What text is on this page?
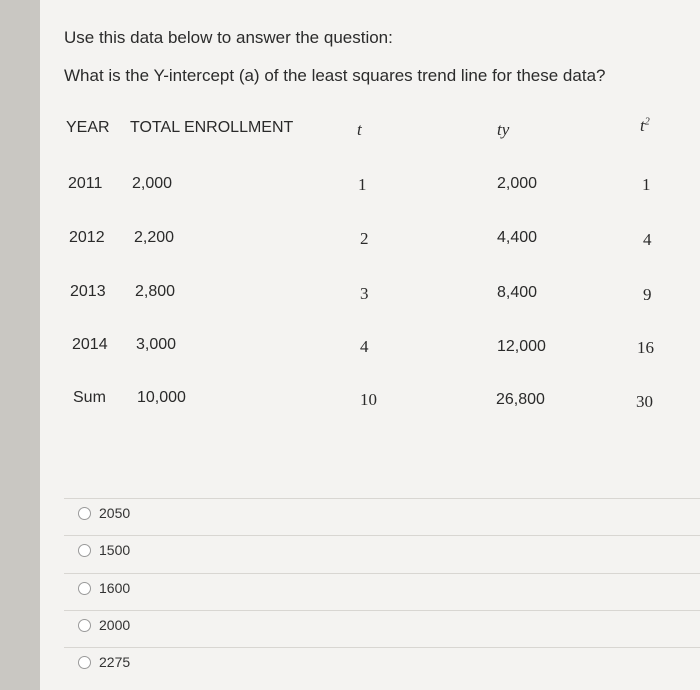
Use this data below to answer the question:
What is the Y-intercept (a) of the least squares trend line for these data?
YEAR TOTAL ENROLLMENT	t	ty	$t^2$
2011 2,000	1	2,000	1
2012 2,200	2	4,400	4
2013 2,800	3	8,400	9
2014 3,000	4	12,000	16
Sum 10,000	10	26,800	30
2050
1500
1600
2000
2275
